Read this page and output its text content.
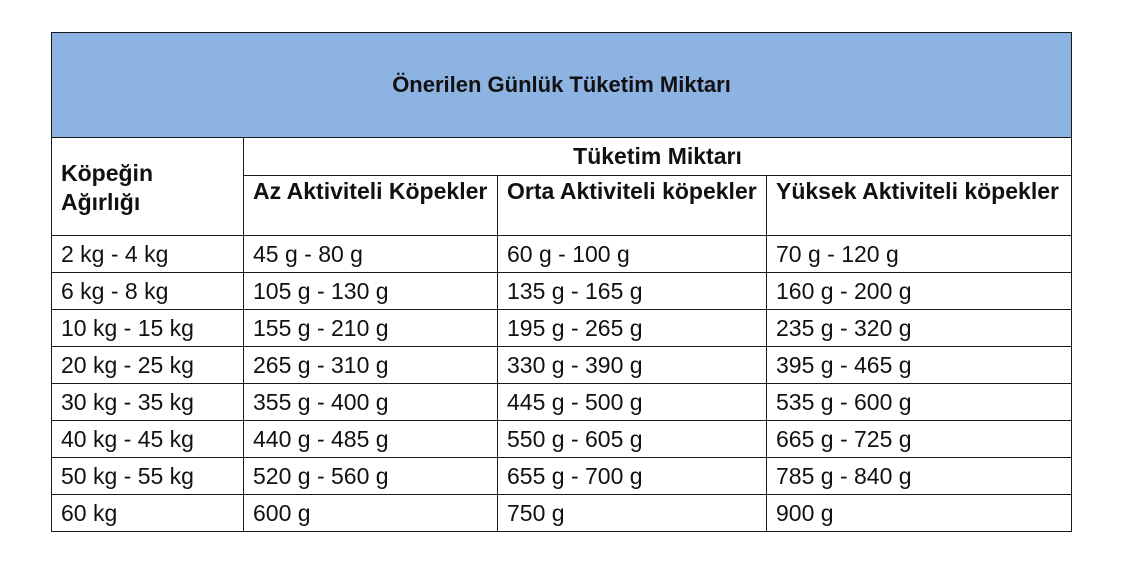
Önerilen Günlük Tüketim Miktarı			
Köpeğin Ağırlığı	Tüketim Miktarı		
	Az Aktiviteli Köpekler	Orta Aktiviteli köpekler	Yüksek Aktiviteli köpekler
2 kg - 4 kg	45 g - 80 g	60 g - 100 g	70 g - 120 g
6 kg - 8 kg	105 g - 130 g	135 g - 165 g	160 g - 200 g
10 kg - 15 kg	155 g - 210 g	195 g - 265 g	235 g - 320 g
20 kg - 25 kg	265 g - 310 g	330 g - 390 g	395 g - 465 g
30 kg - 35 kg	355 g - 400 g	445 g - 500 g	535 g - 600 g
40 kg - 45 kg	440 g - 485 g	550 g - 605 g	665 g - 725 g
50 kg - 55 kg	520 g - 560 g	655 g - 700 g	785 g - 840 g
60 kg	600 g	750 g	900 g
